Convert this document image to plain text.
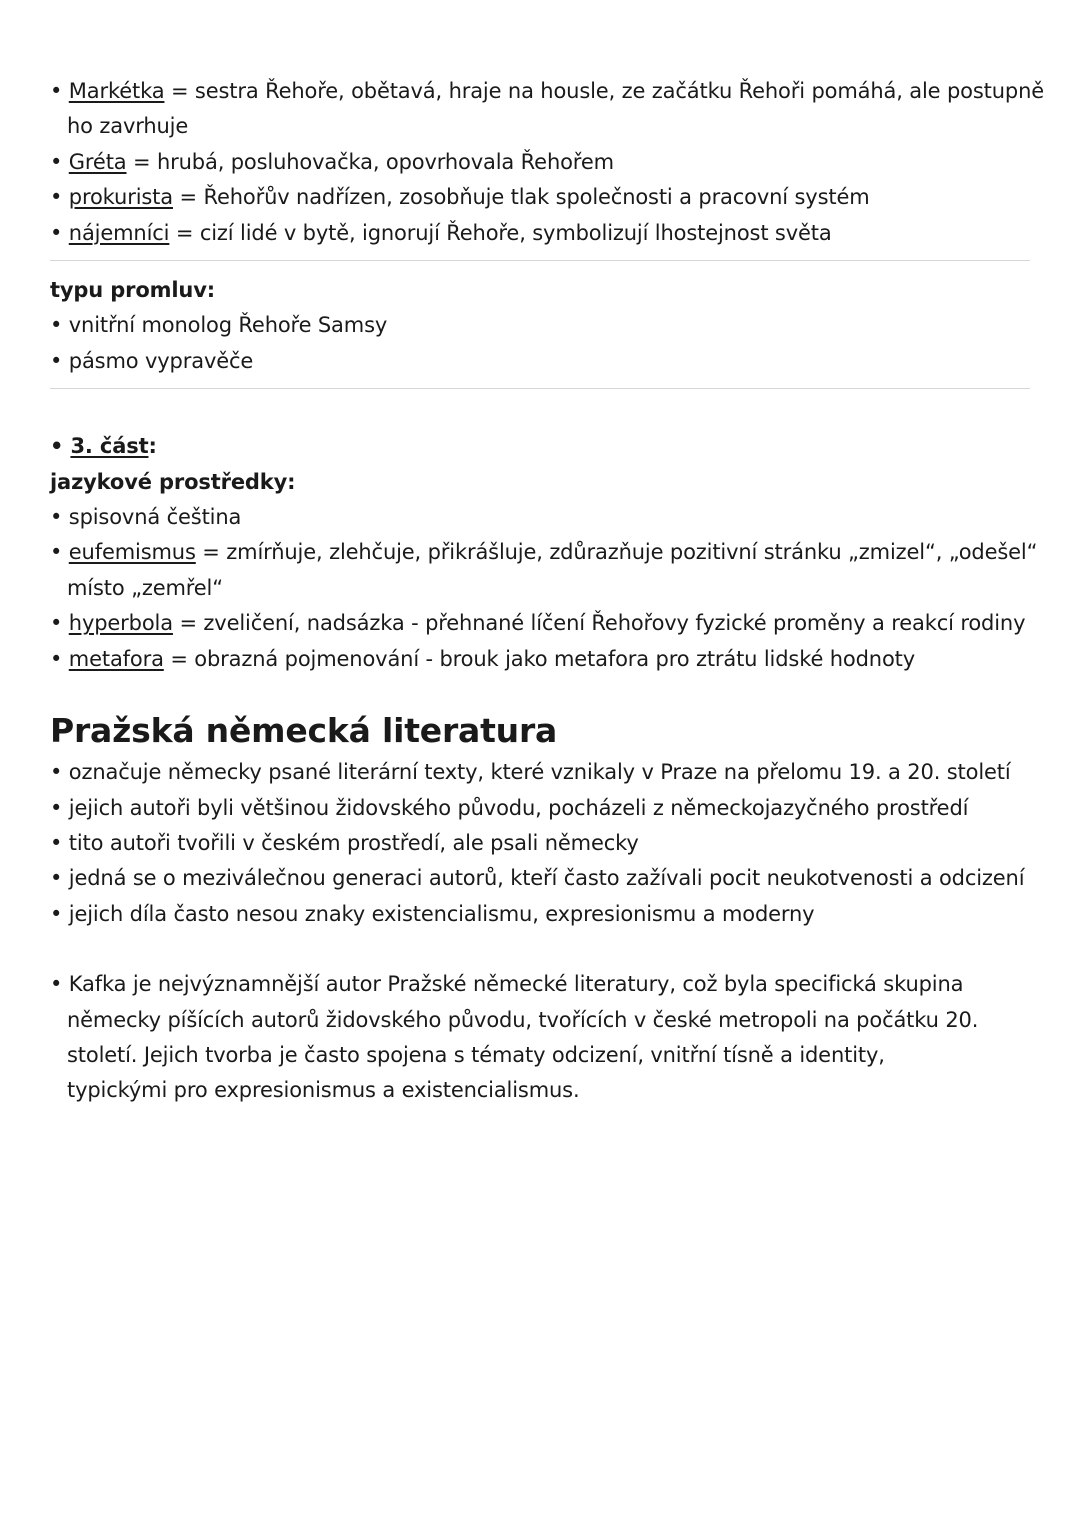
• Markétka = sestra Řehoře, obětavá, hraje na housle, ze začátku Řehoři pomáhá, ale postupně
ho zavrhuje
• Gréta = hrubá, posluhovačka, opovrhovala Řehořem
• prokurista = Řehořův nadřízen, zosobňuje tlak společnosti a pracovní systém
• nájemníci = cizí lidé v bytě, ignorují Řehoře, symbolizují lhostejnost světa
typu promluv:
• vnitřní monolog Řehoře Samsy
• pásmo vypravěče
• 3. část:
jazykové prostředky:
• spisovná čeština
• eufemismus = zmírňuje, zlehčuje, přikrášluje, zdůrazňuje pozitivní stránku „zmizel“, „odešel“
místo „zemřel“
• hyperbola = zveličení, nadsázka - přehnané líčení Řehořovy fyzické proměny a reakcí rodiny
• metafora = obrazná pojmenování - brouk jako metafora pro ztrátu lidské hodnoty
Pražská německá literatura
• označuje německy psané literární texty, které vznikaly v Praze na přelomu 19. a 20. století
• jejich autoři byli většinou židovského původu, pocházeli z německojazyčného prostředí
• tito autoři tvořili v českém prostředí, ale psali německy
• jedná se o meziválečnou generaci autorů, kteří často zažívali pocit neukotvenosti a odcizení
• jejich díla často nesou znaky existencialismu, expresionismu a moderny
• Kafka je nejvýznamnější autor Pražské německé literatury, což byla specifická skupina
německy píšících autorů židovského původu, tvořících v české metropoli na počátku 20.
století. Jejich tvorba je často spojena s tématy odcizení, vnitřní tísně a identity,
typickými pro expresionismus a existencialismus.
